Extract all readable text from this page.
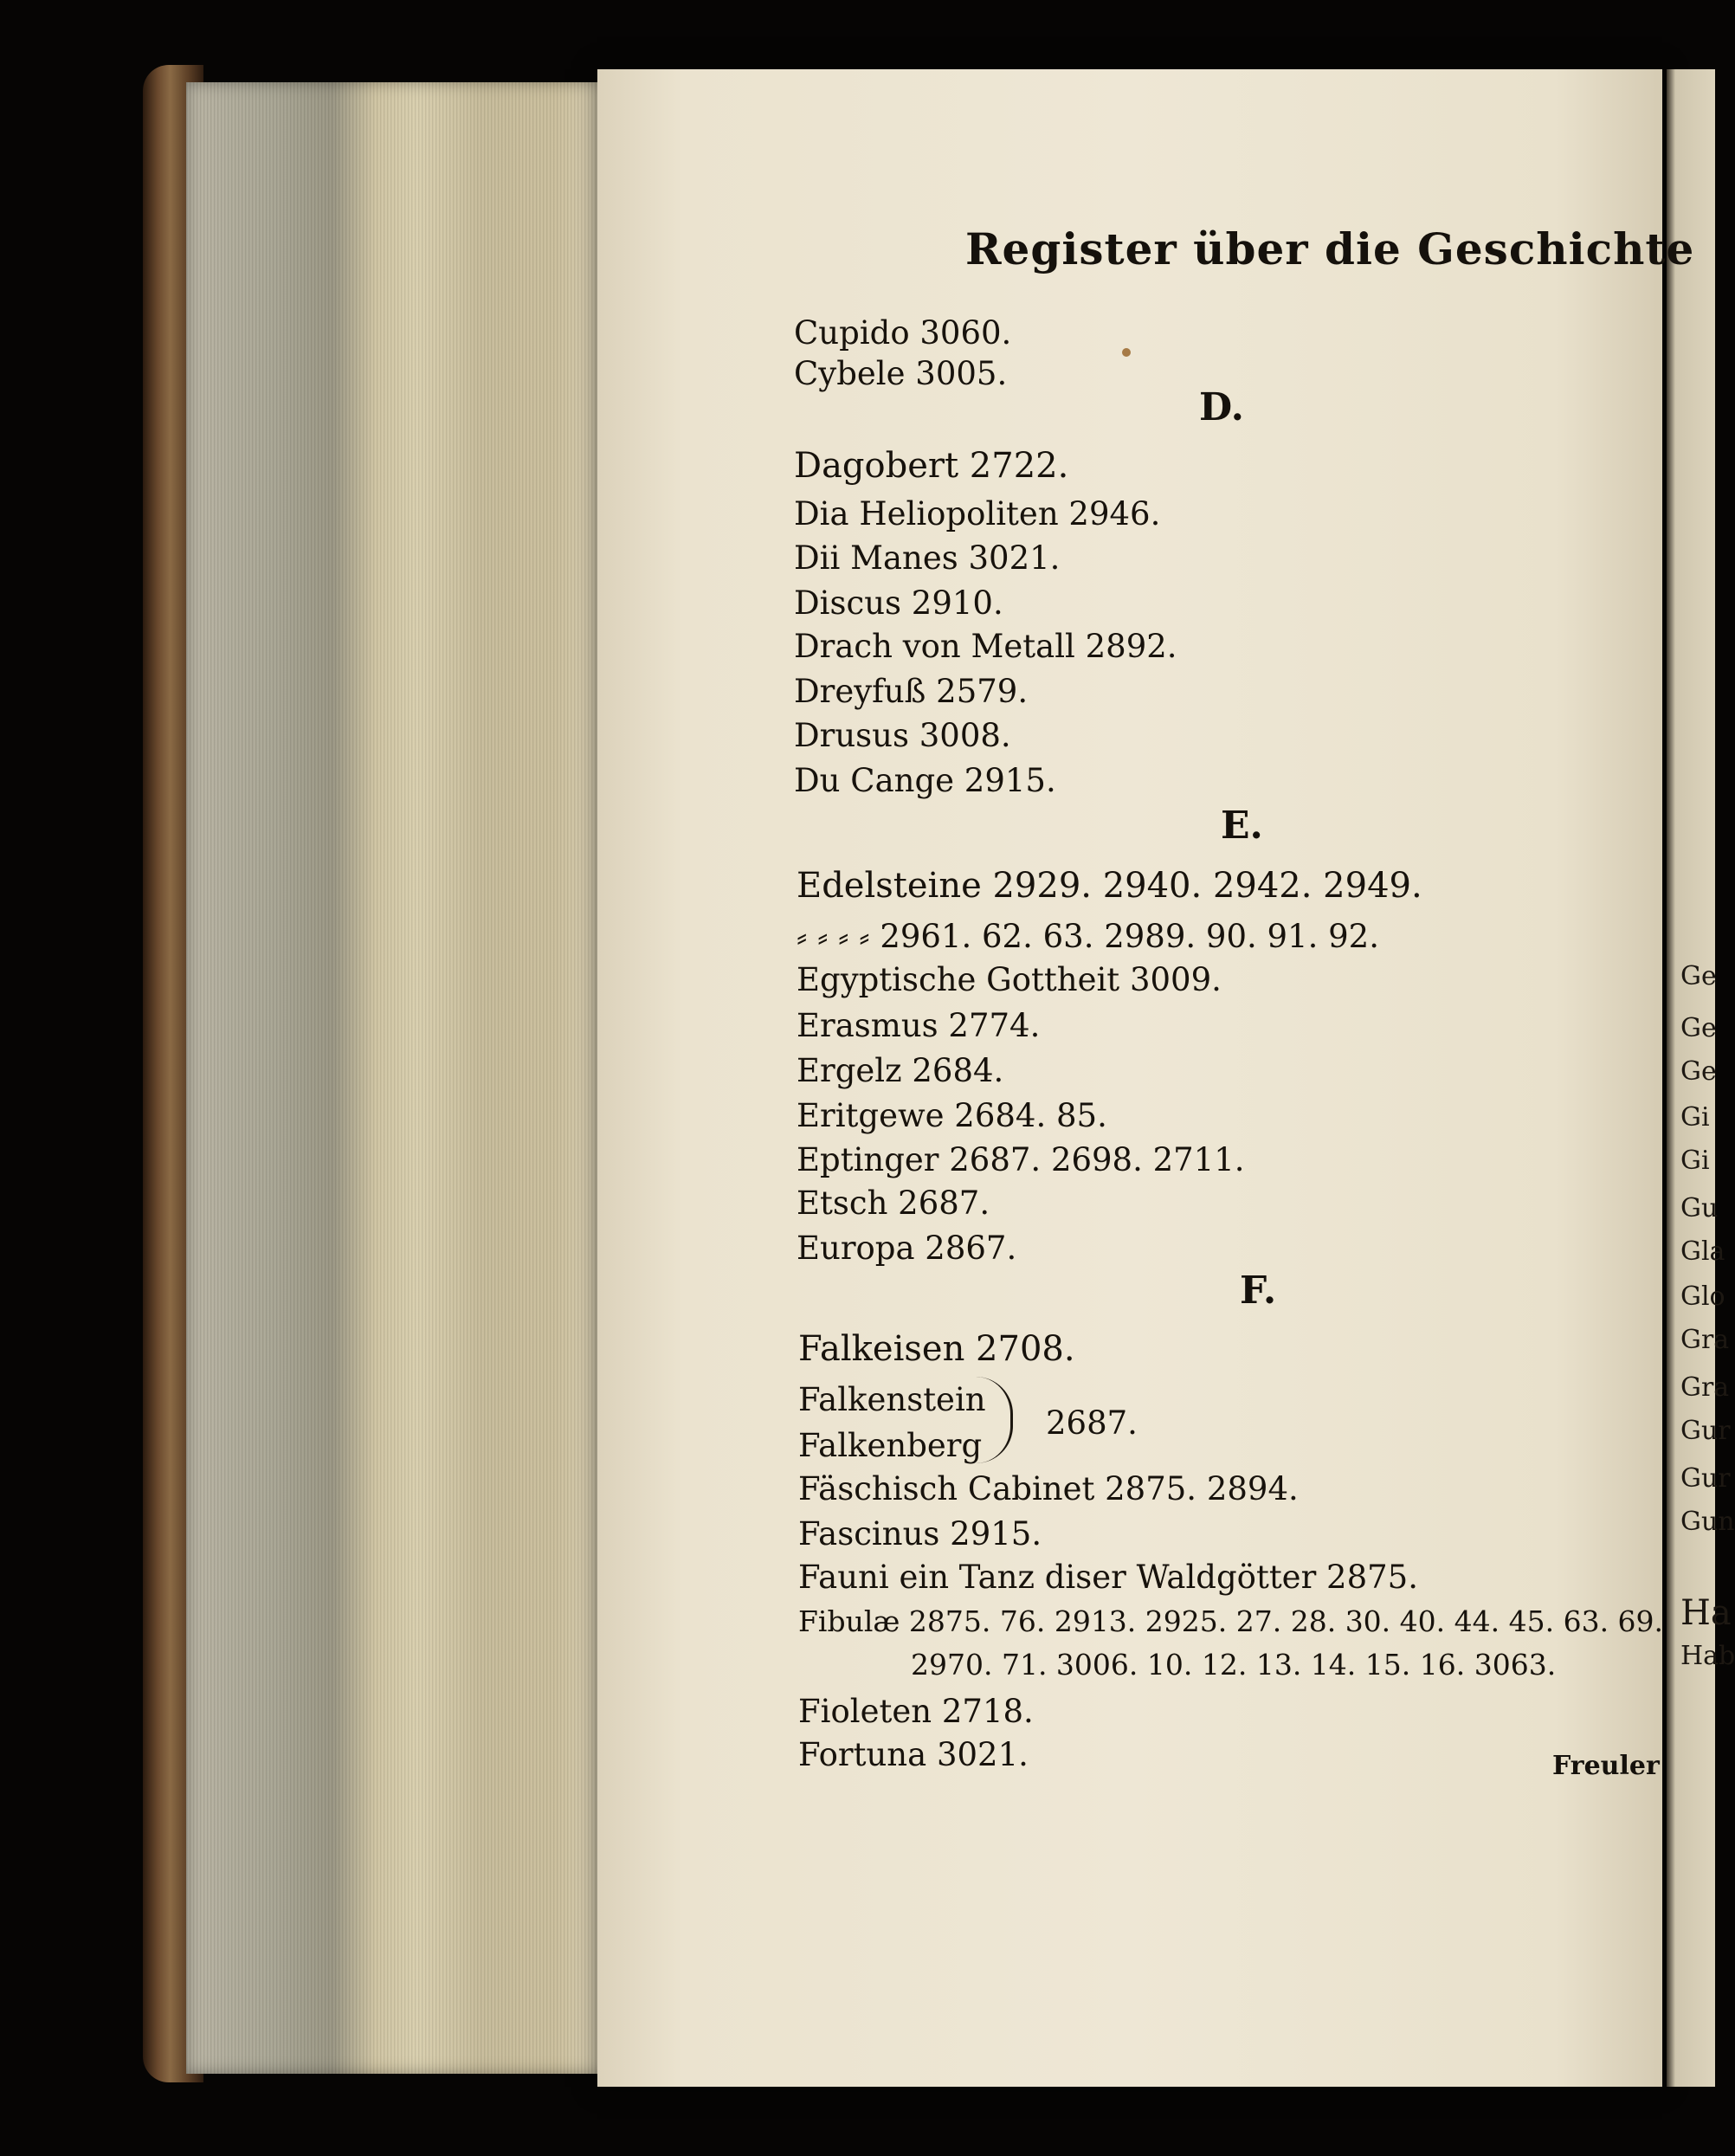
Ge
Ge
Ge
Gi
Gi
Gu
Gla
Glo
Gra
Gra
Gur
Gur
Gun
Ha
Hab
Register über die Geschichte
Cupido 3060.
Cybele 3005.
D.
Dagobert 2722.
Dia Heliopoliten 2946.
Dii Manes 3021.
Discus 2910.
Drach von Metall 2892.
Dreyfuß 2579.
Drusus 3008.
Du Cange 2915.
E.
Edelsteine 2929. 2940. 2942. 2949.
⸗ ⸗ ⸗ ⸗ 2961. 62. 63. 2989. 90. 91. 92.
Egyptische Gottheit 3009.
Erasmus 2774.
Ergelz 2684.
Eritgewe 2684. 85.
Eptinger 2687. 2698. 2711.
Etsch 2687.
Europa 2867.
F.
Falkeisen 2708.
Falkenstein
Falkenberg
2687.
Fäschisch Cabinet 2875. 2894.
Fascinus 2915.
Fauni ein Tanz diser Waldgötter 2875.
Fibulæ 2875. 76. 2913. 2925. 27. 28. 30. 40. 44. 45. 63. 69.
2970. 71. 3006. 10. 12. 13. 14. 15. 16. 3063.
Fioleten 2718.
Fortuna 3021.	Freuler
